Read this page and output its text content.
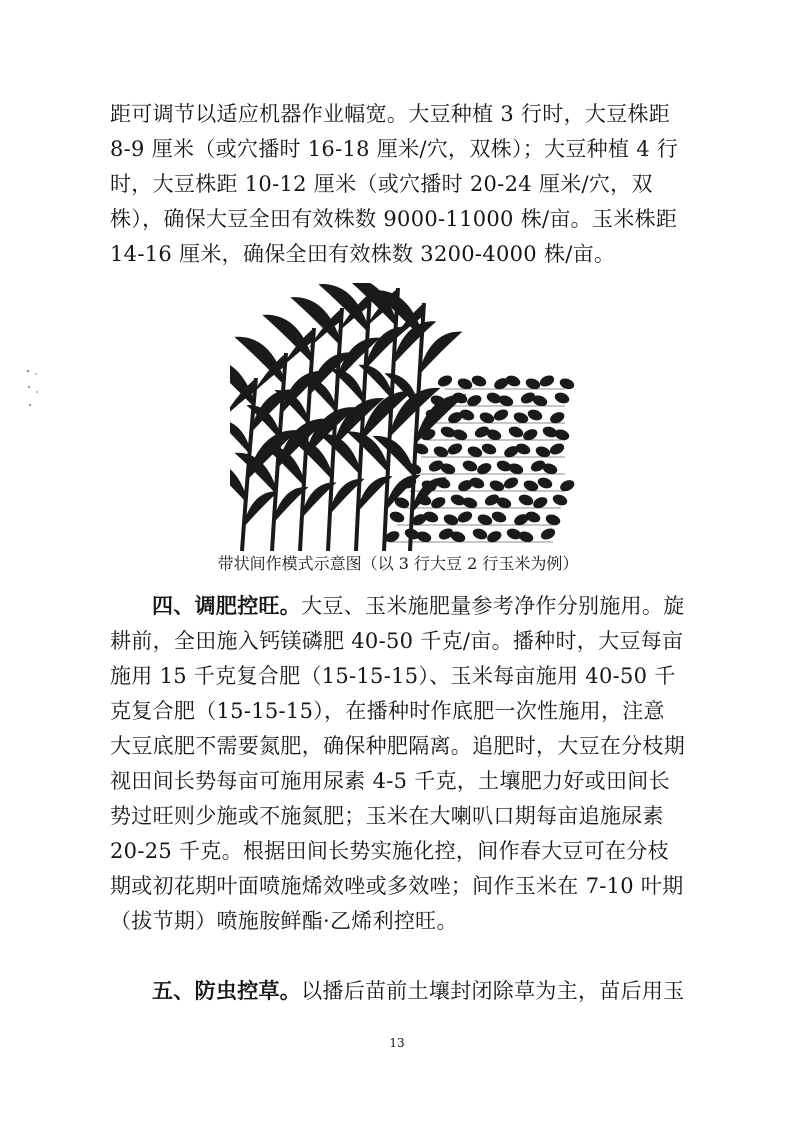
距可调节以适应机器作业幅宽。大豆种植 3 行时，大豆株距 8-9 厘米（或穴播时 16-18 厘米/穴，双株）；大豆种植 4 行时，大豆株距 10-12 厘米（或穴播时 20-24 厘米/穴，双株），确保大豆全田有效株数 9000-11000 株/亩。玉米株距 14-16 厘米，确保全田有效株数 3200-4000 株/亩。

带状间作模式示意图（以 3 行大豆 2 行玉米为例）

四、调肥控旺。大豆、玉米施肥量参考净作分别施用。旋耕前，全田施入钙镁磷肥 40-50 千克/亩。播种时，大豆每亩施用 15 千克复合肥（15-15-15）、玉米每亩施用 40-50 千克复合肥（15-15-15），在播种时作底肥一次性施用，注意大豆底肥不需要氮肥，确保种肥隔离。追肥时，大豆在分枝期视田间长势每亩可施用尿素 4-5 千克，土壤肥力好或田间长势过旺则少施或不施氮肥；玉米在大喇叭口期每亩追施尿素 20-25 千克。根据田间长势实施化控，间作春大豆可在分枝期或初花期叶面喷施烯效唑或多效唑；间作玉米在 7-10 叶期（拔节期）喷施胺鲜酯·乙烯利控旺。

五、防虫控草。以播后苗前土壤封闭除草为主，苗后用玉

13
